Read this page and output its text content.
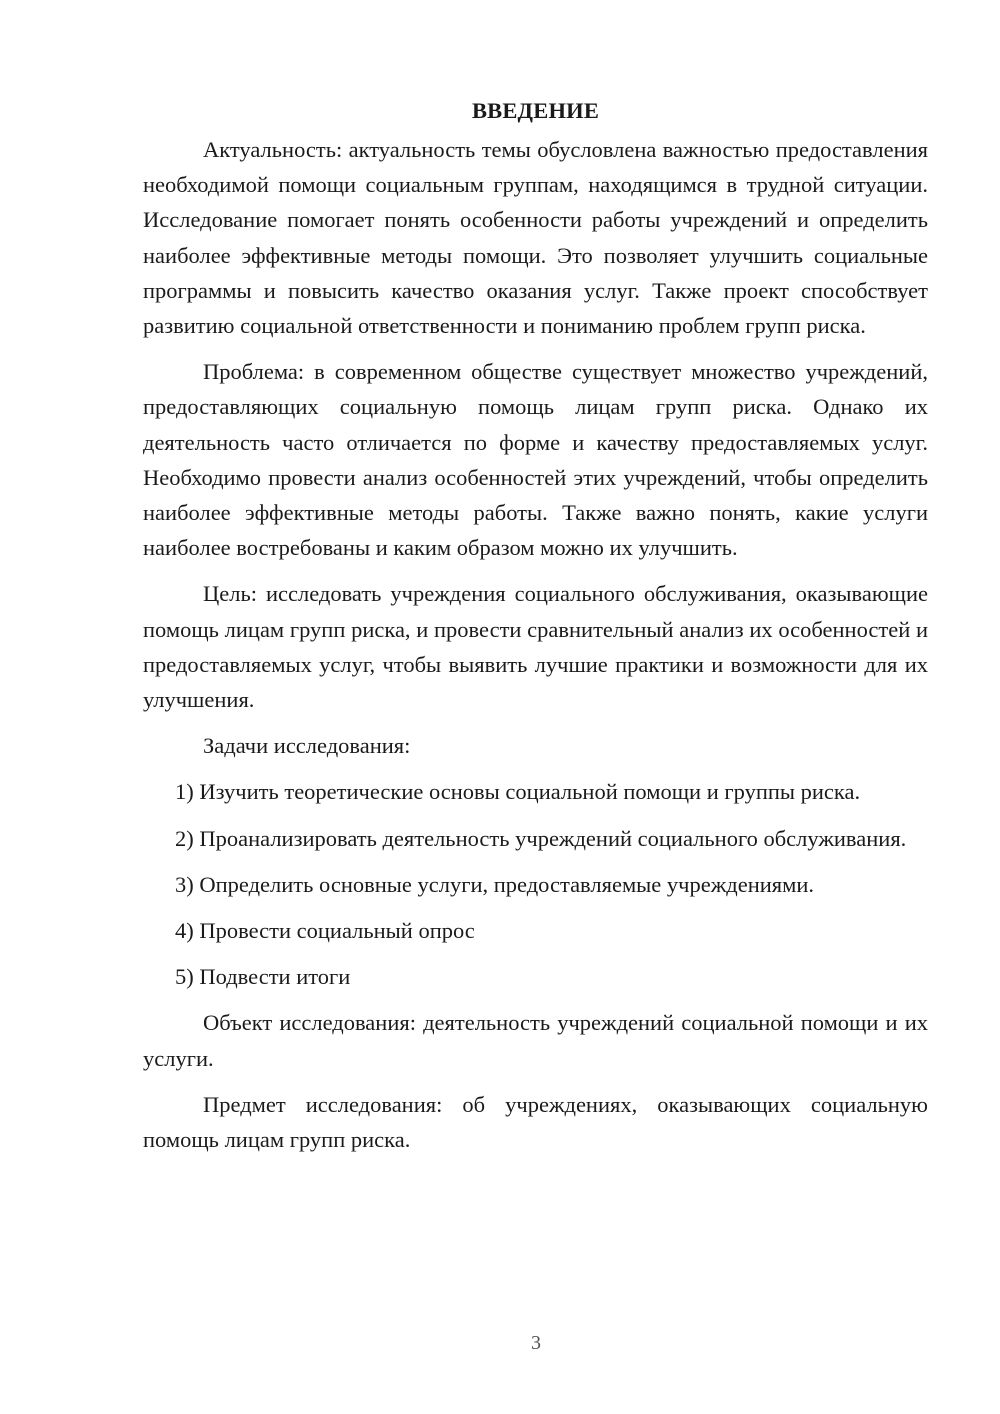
ВВЕДЕНИЕ

Актуальность: актуальность темы обусловлена важностью предоставления необходимой помощи социальным группам, находящимся в трудной ситуации. Исследование помогает понять особенности работы учреждений и определить наиболее эффективные методы помощи. Это позволяет улучшить социальные программы и повысить качество оказания услуг. Также проект способствует развитию социальной ответственности и пониманию проблем групп риска.

Проблема: в современном обществе существует множество учреждений, предоставляющих социальную помощь лицам групп риска. Однако их деятельность часто отличается по форме и качеству предоставляемых услуг. Необходимо провести анализ особенностей этих учреждений, чтобы определить наиболее эффективные методы работы. Также важно понять, какие услуги наиболее востребованы и каким образом можно их улучшить.

Цель: исследовать учреждения социального обслуживания, оказывающие помощь лицам групп риска, и провести сравнительный анализ их особенностей и предоставляемых услуг, чтобы выявить лучшие практики и возможности для их улучшения.

Задачи исследования:

1) Изучить теоретические основы социальной помощи и группы риска.

2) Проанализировать деятельность учреждений социального обслуживания.

3) Определить основные услуги, предоставляемые учреждениями.

4) Провести социальный опрос

5) Подвести итоги

Объект исследования: деятельность учреждений социальной помощи и их услуги.

Предмет исследования: об учреждениях, оказывающих социальную помощь лицам групп риска.

3
